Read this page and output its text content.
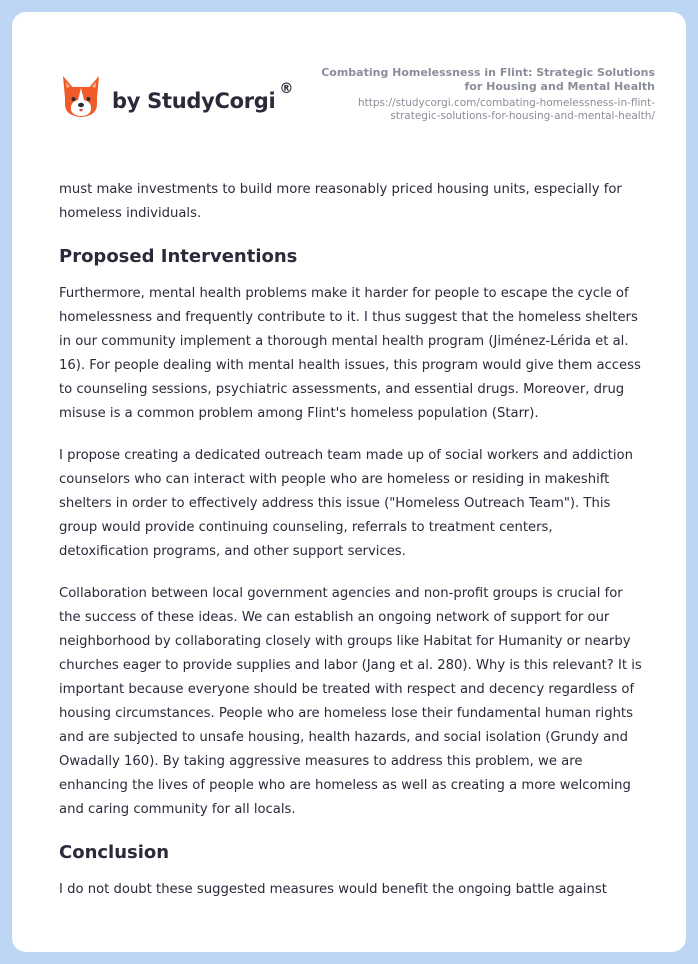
by StudyCorgi ®
Combating Homelessness in Flint: Strategic Solutions for Housing and Mental Health
https://studycorgi.com/combating-homelessness-in-flint-strategic-solutions-for-housing-and-mental-health/

must make investments to build more reasonably priced housing units, especially for homeless individuals.

Proposed Interventions

Furthermore, mental health problems make it harder for people to escape the cycle of homelessness and frequently contribute to it. I thus suggest that the homeless shelters in our community implement a thorough mental health program (Jiménez-Lérida et al. 16). For people dealing with mental health issues, this program would give them access to counseling sessions, psychiatric assessments, and essential drugs. Moreover, drug misuse is a common problem among Flint's homeless population (Starr).

I propose creating a dedicated outreach team made up of social workers and addiction counselors who can interact with people who are homeless or residing in makeshift shelters in order to effectively address this issue ("Homeless Outreach Team"). This group would provide continuing counseling, referrals to treatment centers, detoxification programs, and other support services.

Collaboration between local government agencies and non-profit groups is crucial for the success of these ideas. We can establish an ongoing network of support for our neighborhood by collaborating closely with groups like Habitat for Humanity or nearby churches eager to provide supplies and labor (Jang et al. 280). Why is this relevant? It is important because everyone should be treated with respect and decency regardless of housing circumstances. People who are homeless lose their fundamental human rights and are subjected to unsafe housing, health hazards, and social isolation (Grundy and Owadally 160). By taking aggressive measures to address this problem, we are enhancing the lives of people who are homeless as well as creating a more welcoming and caring community for all locals.

Conclusion

I do not doubt these suggested measures would benefit the ongoing battle against
